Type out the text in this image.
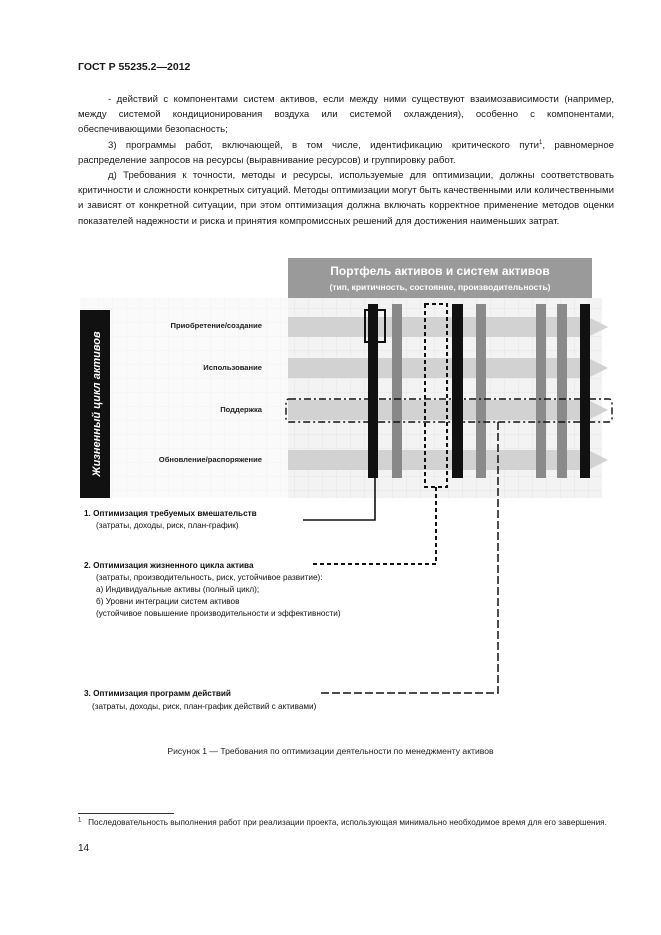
ГОСТ Р 55235.2—2012

- действий с компонентами систем активов, если между ними существуют взаимозависимости (например, между системой кондиционирования воздуха или системой охлаждения), особенно с компонентами, обеспечивающими безопасность;

3) программы работ, включающей, в том числе, идентификацию критического пути$^1$, равномерное распределение запросов на ресурсы (выравнивание ресурсов) и группировку работ.

д) Требования к точности, методы и ресурсы, используемые для оптимизации, должны соответствовать критичности и сложности конкретных ситуаций. Методы оптимизации могут быть качественными или количественными и зависят от конкретной ситуации, при этом оптимизация должна включать корректное применение методов оценки показателей надежности и риска и принятия компромиссных решений для достижения наименьших затрат.

Портфель активов и систем активов
(тип, критичность, состояние, производительность)
Жизненный цикл активов
Приобретение/создание
Использование
Поддержка
Обновление/распоряжение
1. Оптимизация требуемых вмешательств
(затраты, доходы, риск, план-график)
2. Оптимизация жизненного цикла актива
(затраты, производительность, риск, устойчивое развитие):
а) Индивидуальные активы (полный цикл);
б) Уровни интеграции систем активов
(устойчивое повышение производительности и эффективности)
3. Оптимизация программ действий
(затраты, доходы, риск, план-график действий с активами)
Рисунок 1 — Требования по оптимизации деятельности по менеджменту активов
$^1$ Последовательность выполнения работ при реализации проекта, использующая минимально необходимое время для его завершения.
14
